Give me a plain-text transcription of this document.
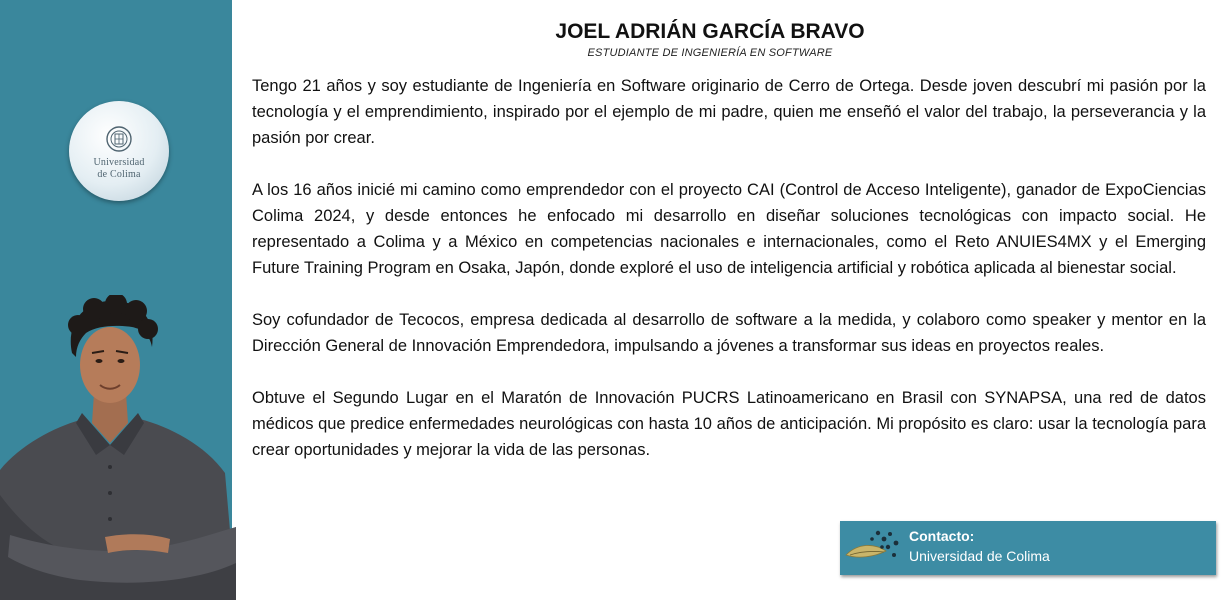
Universidad
de Colima
JOEL ADRIÁN GARCÍA BRAVO
ESTUDIANTE DE INGENIERÍA EN SOFTWARE

Tengo 21 años y soy estudiante de Ingeniería en Software originario de Cerro de Ortega. Desde joven descubrí mi pasión por la tecnología y el emprendimiento, inspirado por el ejemplo de mi padre, quien me enseñó el valor del trabajo, la perseverancia y la pasión por crear.

A los 16 años inicié mi camino como emprendedor con el proyecto CAI (Control de Acceso Inteligente), ganador de ExpoCiencias Colima 2024, y desde entonces he enfocado mi desarrollo en diseñar soluciones tecnológicas con impacto social. He representado a Colima y a México en competencias nacionales e internacionales, como el Reto ANUIES4MX y el Emerging Future Training Program en Osaka, Japón, donde exploré el uso de inteligencia artificial y robótica aplicada al bienestar social.

Soy cofundador de Tecocos, empresa dedicada al desarrollo de software a la medida, y colaboro como speaker y mentor en la Dirección General de Innovación Emprendedora, impulsando a jóvenes a transformar sus ideas en proyectos reales.

Obtuve el Segundo Lugar en el Maratón de Innovación PUCRS Latinoamericano en Brasil con SYNAPSA, una red de datos médicos que predice enfermedades neurológicas con hasta 10 años de anticipación. Mi propósito es claro: usar la tecnología para crear oportunidades y mejorar la vida de las personas.

Contacto:
Universidad de Colima
